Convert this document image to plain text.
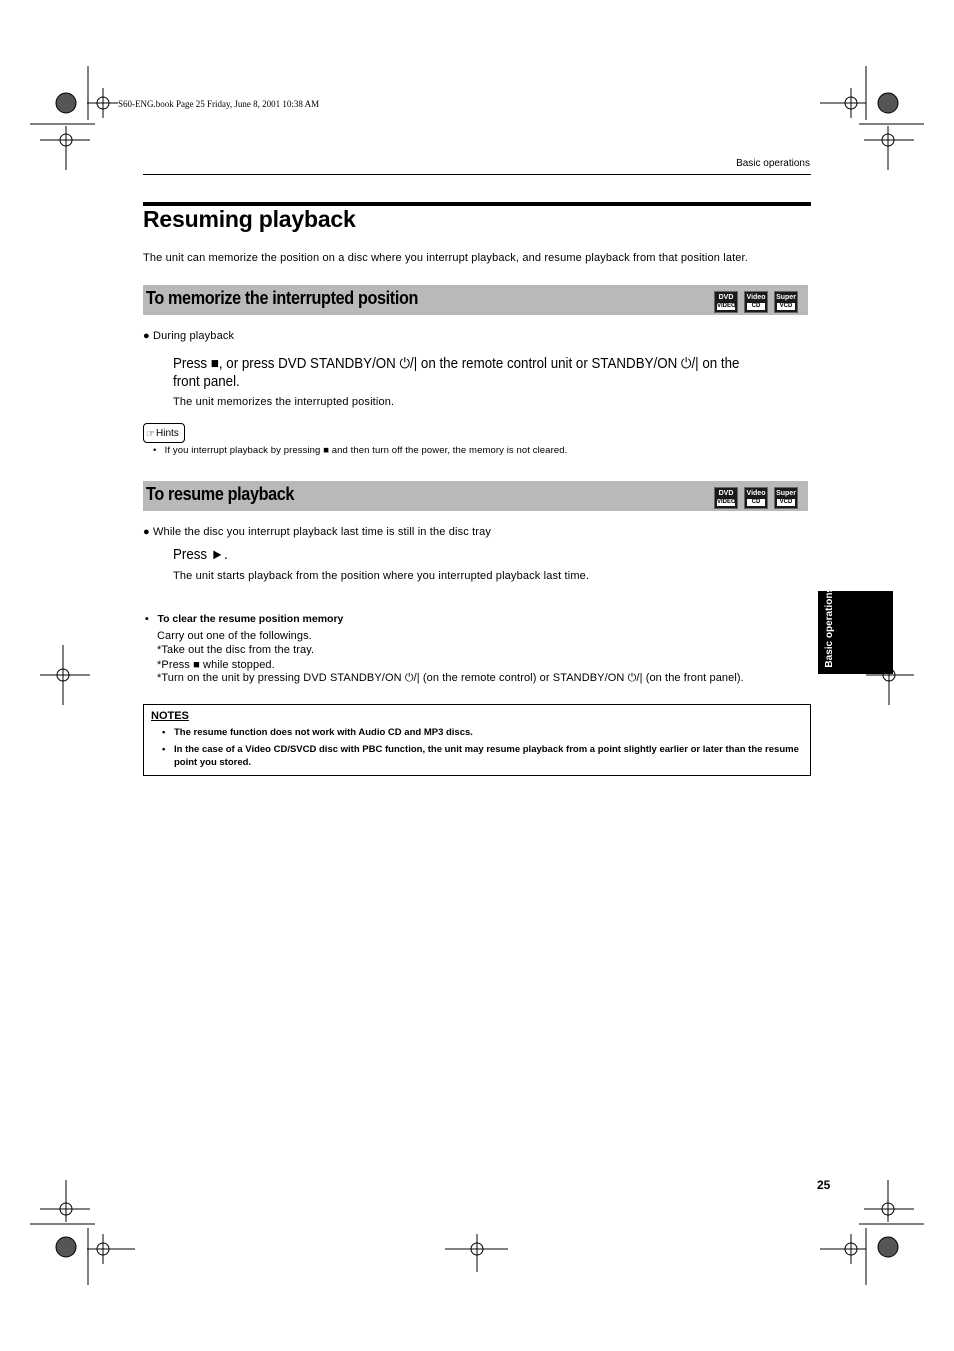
S60-ENG.book Page 25 Friday, June 8, 2001 10:38 AM
Basic operations
Resuming playback
The unit can memorize the position on a disc where you interrupt playback, and resume playback from that position later.
To memorize the interrupted position	DVD
VIDEO
Video
CD
Super
VCD
● During playback
Press ■, or press DVD STANDBY/ON ⏻/| on the remote control unit or STANDBY/ON ⏻/| on the front panel.
The unit memorizes the interrupted position.
☞ Hints
• If you interrupt playback by pressing ■ and then turn off the power, the memory is not cleared.
To resume playback	DVD
VIDEO
Video
CD
Super
VCD
● While the disc you interrupt playback last time is still in the disc tray
Press ►.
The unit starts playback from the position where you interrupted playback last time.
• To clear the resume position memory
Carry out one of the followings.
*Take out the disc from the tray.
*Press ■ while stopped.
*Turn on the unit by pressing DVD STANDBY/ON ⏻/| (on the remote control) or STANDBY/ON ⏻/| (on the front panel).
Basic operations
NOTES
• The resume function does not work with Audio CD and MP3 discs.
• In the case of a Video CD/SVCD disc with PBC function, the unit may resume playback from a point slightly earlier or later than the resume point you stored.
25
